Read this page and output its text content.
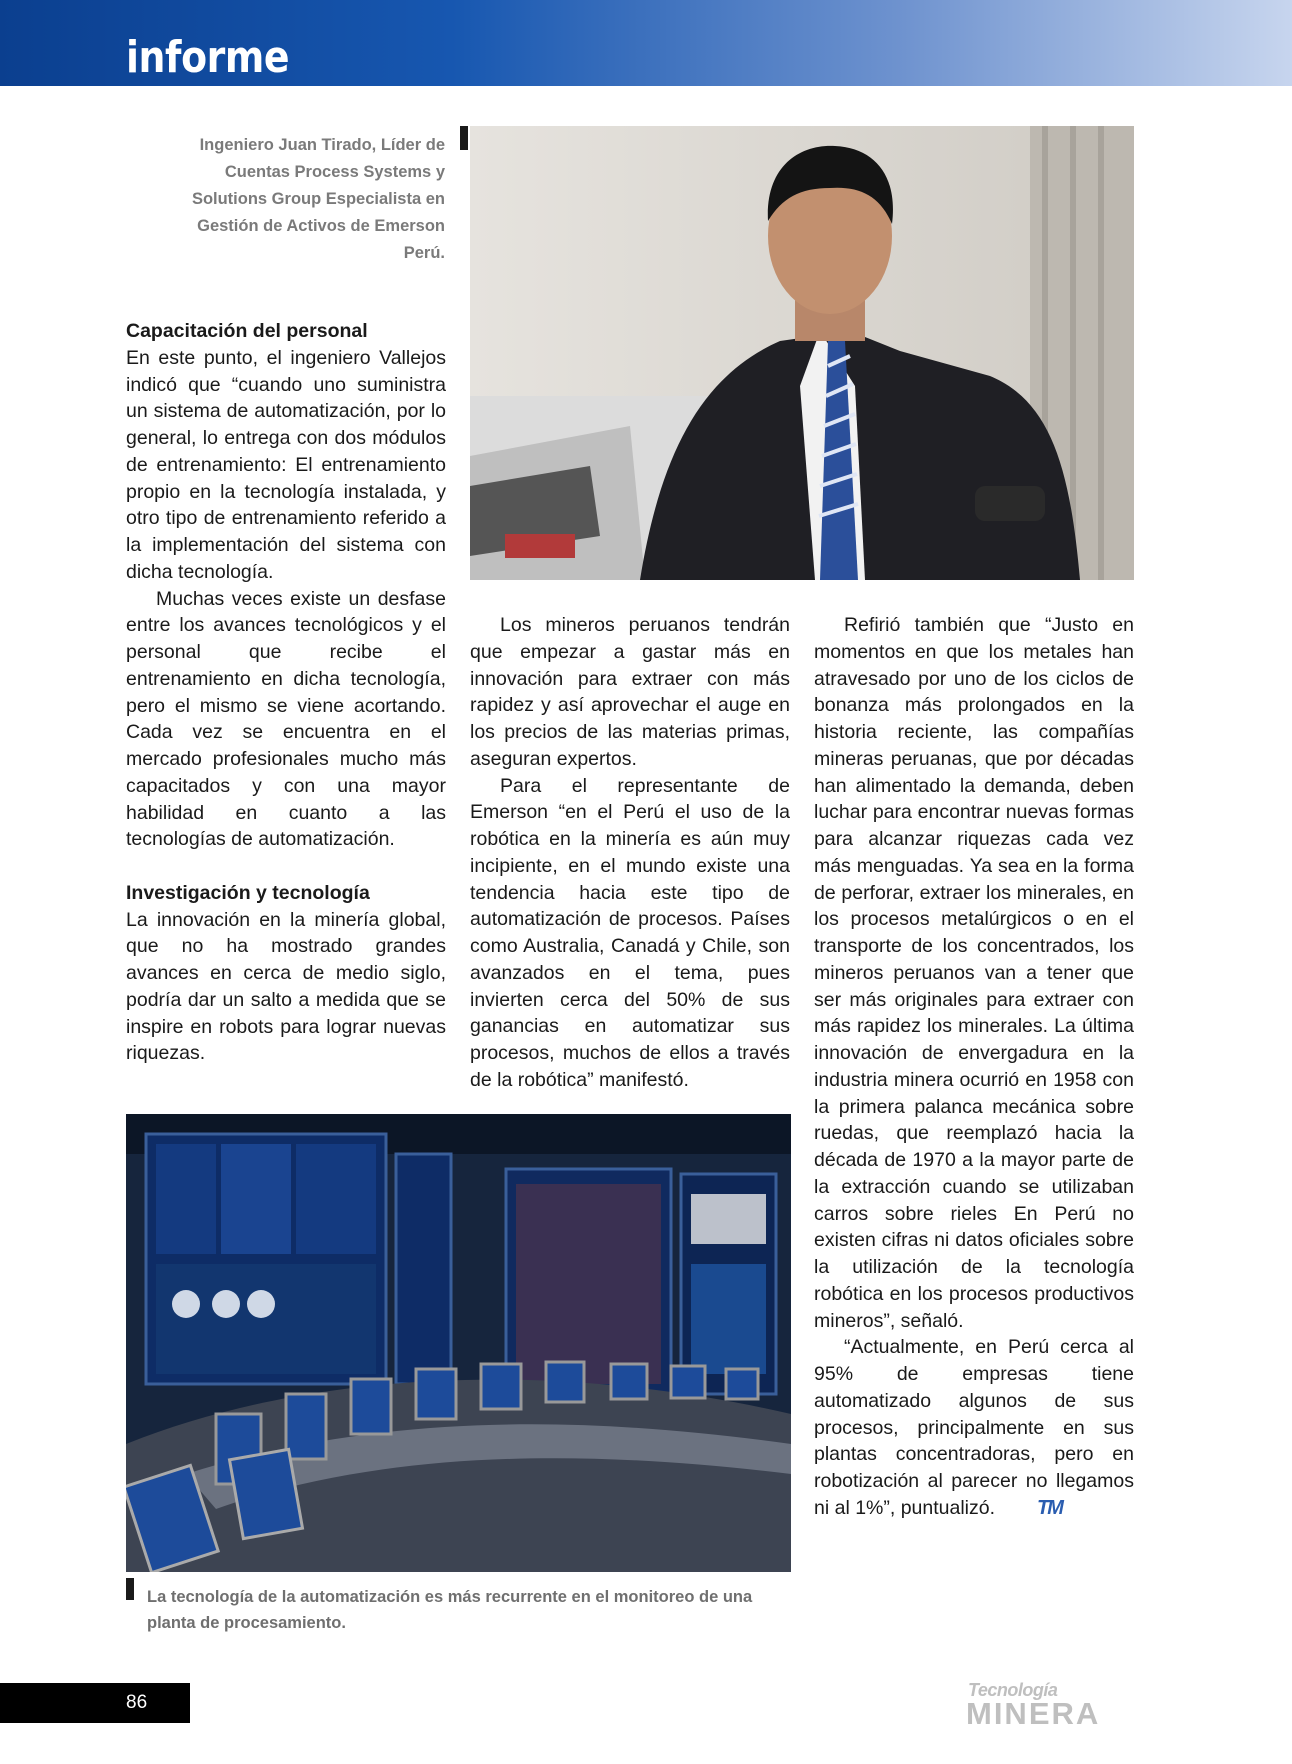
informe
Ingeniero Juan Tirado, Líder de Cuentas Process Systems y Solutions Group Especialista en Gestión de Activos de Emerson Perú.
Capacitación del personal

En este punto, el ingeniero Vallejos indicó que “cuando uno suministra un sistema de automatización, por lo general, lo entrega con dos módulos de entrenamiento: El entrenamiento propio en la tecnología instalada, y otro tipo de entrenamiento referido a la implementación del sistema con dicha tecnología.

Muchas veces existe un desfase entre los avances tecnológicos y el personal que recibe el entrenamiento en dicha tecnología, pero el mismo se viene acortando. Cada vez se encuentra en el mercado profesionales mucho más capacitados y con una mayor habilidad en cuanto a las tecnologías de automatización.

Investigación y tecnología

La innovación en la minería global, que no ha mostrado grandes avances en cerca de medio siglo, podría dar un salto a medida que se inspire en robots para lograr nuevas riquezas.

Los mineros peruanos tendrán que empezar a gastar más en innovación para extraer con más rapidez y así aprovechar el auge en los precios de las materias primas, aseguran expertos.

Para el representante de Emerson “en el Perú el uso de la robótica en la minería es aún muy incipiente, en el mundo existe una tendencia hacia este tipo de automatización de procesos. Países como Australia, Canadá y Chile, son avanzados en el tema, pues invierten cerca del 50% de sus ganancias en automatizar sus procesos, muchos de ellos a través de la robótica” manifestó.

Refirió también que “Justo en momentos en que los metales han atravesado por uno de los ciclos de bonanza más prolongados en la historia reciente, las compañías mineras peruanas, que por décadas han alimentado la demanda, deben luchar para encontrar nuevas formas para alcanzar riquezas cada vez más menguadas. Ya sea en la forma de perforar, extraer los minerales, en los procesos metalúrgicos o en el transporte de los concentrados, los mineros peruanos van a tener que ser más originales para extraer con más rapidez los minerales. La última innovación de envergadura en la industria minera ocurrió en 1958 con la primera palanca mecánica sobre ruedas, que reemplazó hacia la década de 1970 a la mayor parte de la extracción cuando se utilizaban carros sobre rieles En Perú no existen cifras ni datos oficiales sobre la utilización de la tecnología robótica en los procesos productivos mineros”, señaló.

“Actualmente, en Perú cerca al 95% de empresas tiene automatizado algunos de sus procesos, principalmente en sus plantas concentradoras, pero en robotización al parecer no llegamos ni al 1%”, puntualizó. TM

La tecnología de la automatización es más recurrente en el monitoreo de una planta de procesamiento.
86
Tecnología
MINERA
